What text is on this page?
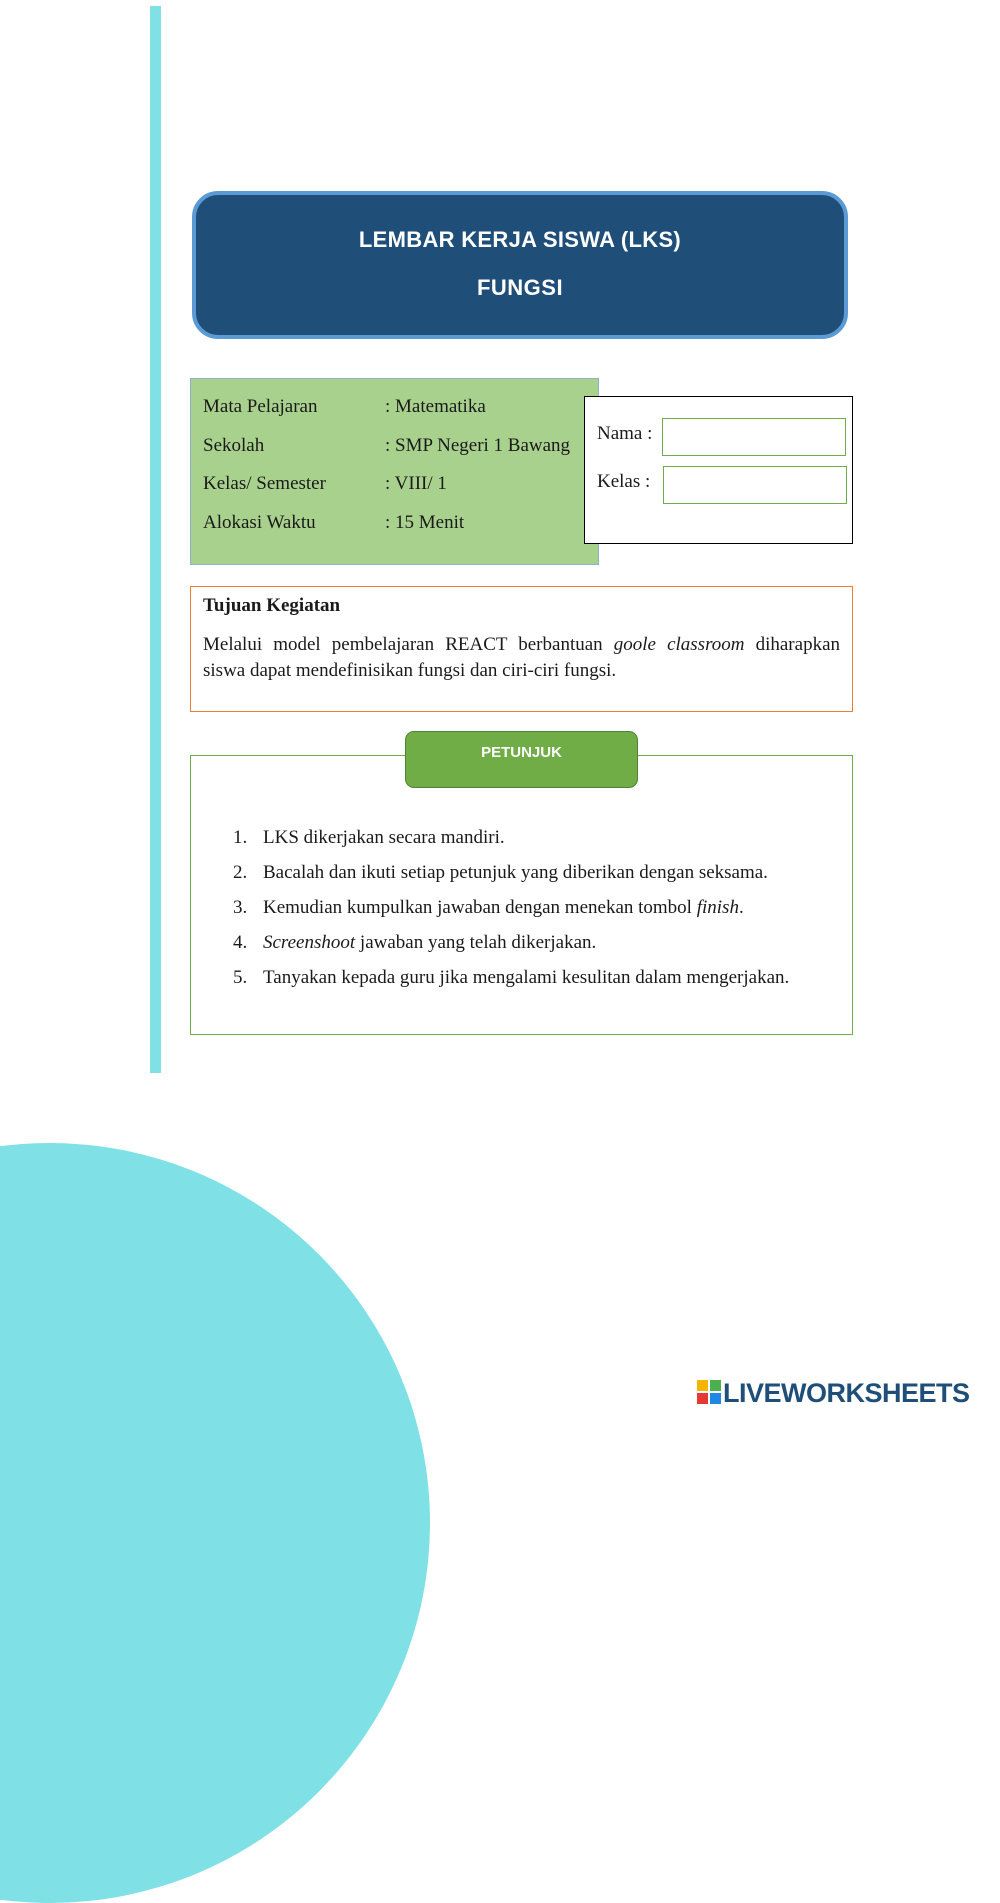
LEMBAR KERJA SISWA (LKS)
FUNGSI
Mata Pelajaran	: Matematika
Sekolah	: SMP Negeri 1 Bawang
Kelas/ Semester	: VIII/ 1
Alokasi Waktu	: 15 Menit
Nama :
Kelas :
Tujuan Kegiatan
Melalui model pembelajaran REACT berbantuan goole classroom diharapkan siswa dapat mendefinisikan fungsi dan ciri-ciri fungsi.
1. LKS dikerjakan secara mandiri.
2. Bacalah dan ikuti setiap petunjuk yang diberikan dengan seksama.
3. Kemudian kumpulkan jawaban dengan menekan tombol finish.
4. Screenshoot jawaban yang telah dikerjakan.
5. Tanyakan kepada guru jika mengalami kesulitan dalam mengerjakan.
PETUNJUK
LIVEWORKSHEETS
